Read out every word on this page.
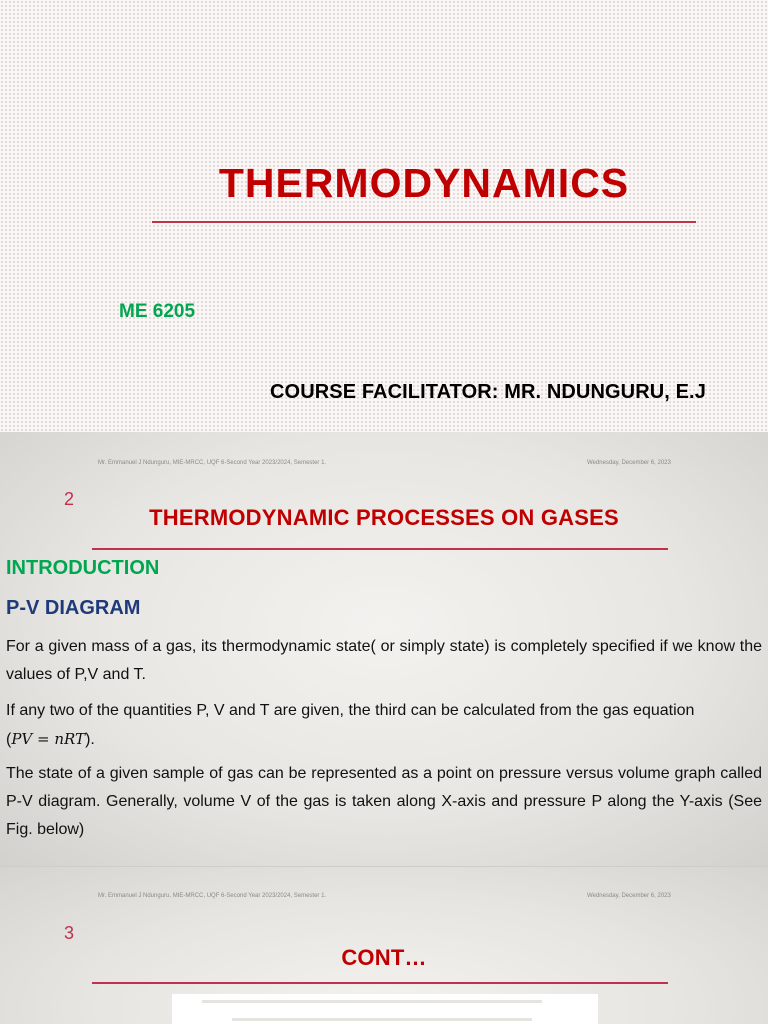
THERMODYNAMICS
ME 6205
COURSE FACILITATOR: MR. NDUNGURU, E.J
Mr. Emmanuel J Ndunguru, MIE-MRCC, UQF 6-Second Year 2023/2024, Semester 1.	Wednesday, December 6, 2023
2
THERMODYNAMIC PROCESSES ON GASES
INTRODUCTION
P-V DIAGRAM

For a given mass of a gas, its thermodynamic state( or simply state) is completely specified if we know the values of P,V and T.

If any two of the quantities P, V and T are given, the third can be calculated from the gas equation
(PV = nRT).

The state of a given sample of gas can be represented as a point on pressure versus volume graph called P-V diagram. Generally, volume V of the gas is taken along X-axis and pressure P along the Y-axis (See Fig. below)

Mr. Emmanuel J Ndunguru, MIE-MRCC, UQF 6-Second Year 2023/2024, Semester 1.	Wednesday, December 6, 2023
3
CONT…
